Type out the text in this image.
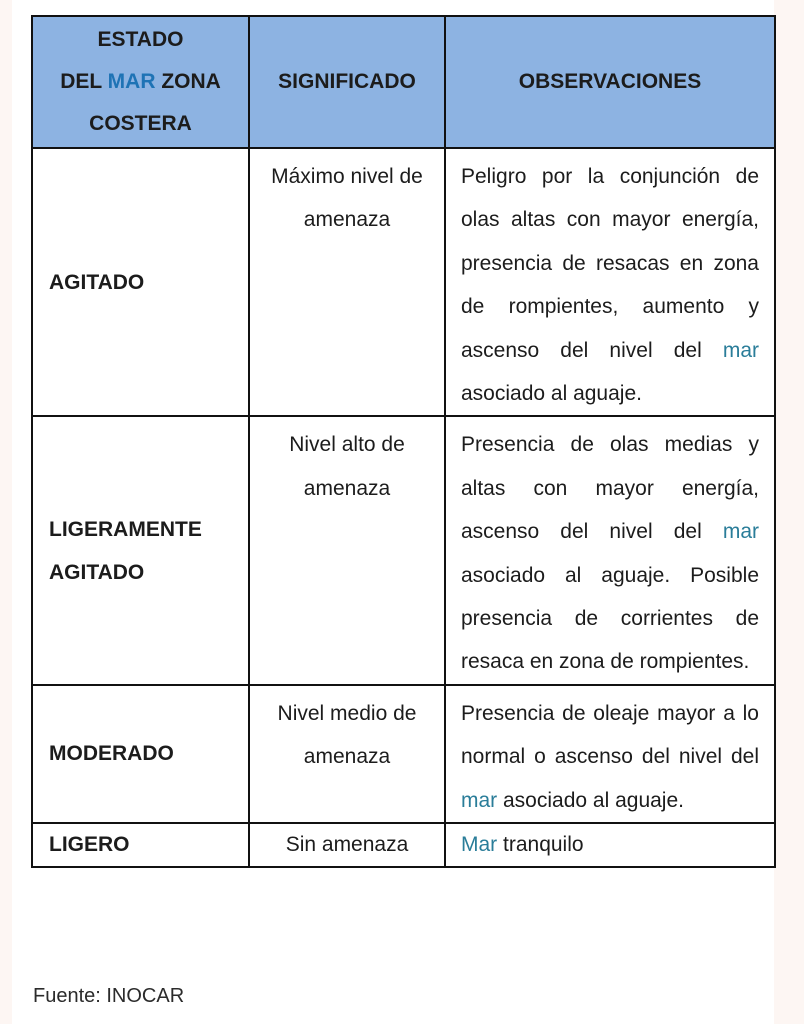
ESTADO
DEL MAR ZONA
COSTERA	SIGNIFICADO	OBSERVACIONES
AGITADO	Máximo nivel de amenaza	Peligro por la conjunción de olas altas con mayor energía, presencia de resacas en zona de rompientes, aumento y ascenso del nivel del mar asociado al aguaje.
LIGERAMENTE
AGITADO	Nivel alto de amenaza	Presencia de olas medias y altas con mayor energía, ascenso del nivel del mar asociado al aguaje. Posible presencia de corrientes de resaca en zona de rompientes.
MODERADO	Nivel medio de amenaza	Presencia de oleaje mayor a lo normal o ascenso del nivel del mar asociado al aguaje.
LIGERO	Sin amenaza	Mar tranquilo
Fuente: INOCAR
